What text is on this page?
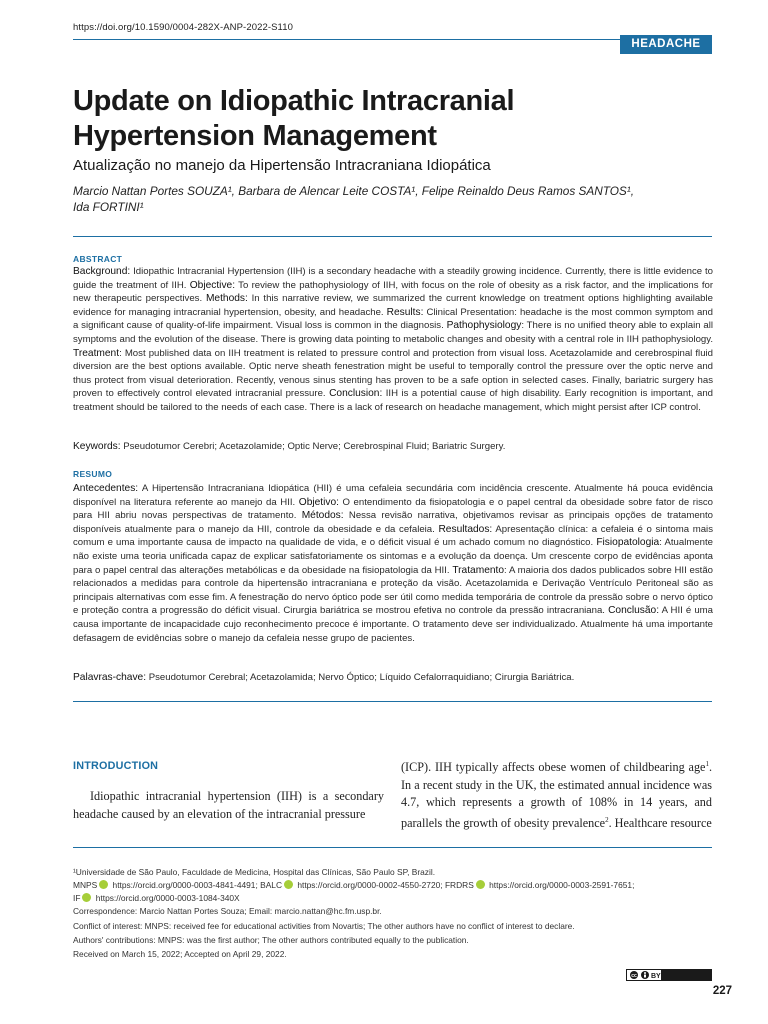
https://doi.org/10.1590/0004-282X-ANP-2022-S110
HEADACHE
Update on Idiopathic Intracranial
Hypertension Management
Atualização no manejo da Hipertensão Intracraniana Idiopática
Marcio Nattan Portes SOUZA¹, Barbara de Alencar Leite COSTA¹, Felipe Reinaldo Deus Ramos SANTOS¹,
Ida FORTINI¹
ABSTRACT
Background: Idiopathic Intracranial Hypertension (IIH) is a secondary headache with a steadily growing incidence. Currently, there is little evidence to guide the treatment of IIH. Objective: To review the pathophysiology of IIH, with focus on the role of obesity as a risk factor, and the implications for new therapeutic perspectives. Methods: In this narrative review, we summarized the current knowledge on treatment options highlighting available evidence for managing intracranial hypertension, obesity, and headache. Results: Clinical Presentation: headache is the most common symptom and a significant cause of quality-of-life impairment. Visual loss is common in the diagnosis. Pathophysiology: There is no unified theory able to explain all symptoms and the evolution of the disease. There is growing data pointing to metabolic changes and obesity with a central role in IIH pathophysiology. Treatment: Most published data on IIH treatment is related to pressure control and protection from visual loss. Acetazolamide and cerebrospinal fluid diversion are the best options available. Optic nerve sheath fenestration might be useful to temporally control the pressure over the optic nerve and thus protect from visual deterioration. Recently, venous sinus stenting has proven to be a safe option in selected cases. Finally, bariatric surgery has proven to effectively control elevated intracranial pressure. Conclusion: IIH is a potential cause of high disability. Early recognition is important, and treatment should be tailored to the needs of each case. There is a lack of research on headache management, which might persist after ICP control.
Keywords: Pseudotumor Cerebri; Acetazolamide; Optic Nerve; Cerebrospinal Fluid; Bariatric Surgery.
RESUMO
Antecedentes: A Hipertensão Intracraniana Idiopática (HII) é uma cefaleia secundária com incidência crescente. Atualmente há pouca evidência disponível na literatura referente ao manejo da HII. Objetivo: O entendimento da fisiopatologia e o papel central da obesidade sobre fator de risco para HII abriu novas perspectivas de tratamento. Métodos: Nessa revisão narrativa, objetivamos revisar as principais opções de tratamento disponíveis atualmente para o manejo da HII, controle da obesidade e da cefaleia. Resultados: Apresentação clínica: a cefaleia é o sintoma mais comum e uma importante causa de impacto na qualidade de vida, e o déficit visual é um achado comum no diagnóstico. Fisiopatologia: Atualmente não existe uma teoria unificada capaz de explicar satisfatoriamente os sintomas e a evolução da doença. Um crescente corpo de evidências aponta para o papel central das alterações metabólicas e da obesidade na fisiopatologia da HII. Tratamento: A maioria dos dados publicados sobre HII estão relacionados a medidas para controle da hipertensão intracraniana e proteção da visão. Acetazolamida e Derivação Ventrículo Peritoneal são as principais alternativas com esse fim. A fenestração do nervo óptico pode ser útil como medida temporária de controle da pressão sobre o nervo óptico e proteção contra a progressão do déficit visual. Cirurgia bariátrica se mostrou efetiva no controle da pressão intracraniana. Conclusão: A HII é uma causa importante de incapacidade cujo reconhecimento precoce é importante. O tratamento deve ser individualizado. Atualmente há uma importante defasagem de evidências sobre o manejo da cefaleia nesse grupo de pacientes.
Palavras-chave: Pseudotumor Cerebral; Acetazolamida; Nervo Óptico; Líquido Cefalorraquidiano; Cirurgia Bariátrica.
INTRODUCTION
Idiopathic intracranial hypertension (IIH) is a secondary headache caused by an elevation of the intracranial pressure
(ICP). IIH typically affects obese women of childbearing age$^1$. In a recent study in the UK, the estimated annual incidence was 4.7, which represents a growth of 108% in 14 years, and parallels the growth of obesity prevalence$^2$. Healthcare resource
¹Universidade de São Paulo, Faculdade de Medicina, Hospital das Clínicas, São Paulo SP, Brazil.
MNPS https://orcid.org/0000-0003-4841-4491; BALC https://orcid.org/0000-0002-4550-2720; FRDRS https://orcid.org/0000-0003-2591-7651;
IF https://orcid.org/0000-0003-1084-340X
Correspondence: Marcio Nattan Portes Souza; Email: marcio.nattan@hc.fm.usp.br.
Conflict of interest: MNPS: received fee for educational activities from Novartis; The other authors have no conflict of interest to declare.
Authors' contributions: MNPS: was the first author; The other authors contributed equally to the publication.
Received on March 15, 2022; Accepted on April 29, 2022.
cc BY
227
